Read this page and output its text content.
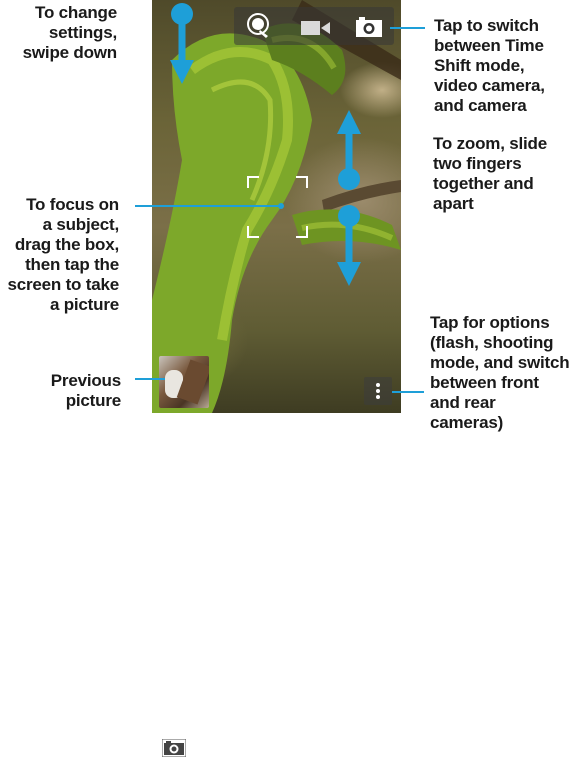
To change
settings,
swipe down
To focus on
a subject,
drag the box,
then tap the
screen to take
a picture
Previous
picture
Tap to switch
between Time
Shift mode,
video camera,
and camera
To zoom, slide
two fingers
together and
apart
Tap for options
(flash, shooting
mode, and switch
between front
and rear
cameras)
